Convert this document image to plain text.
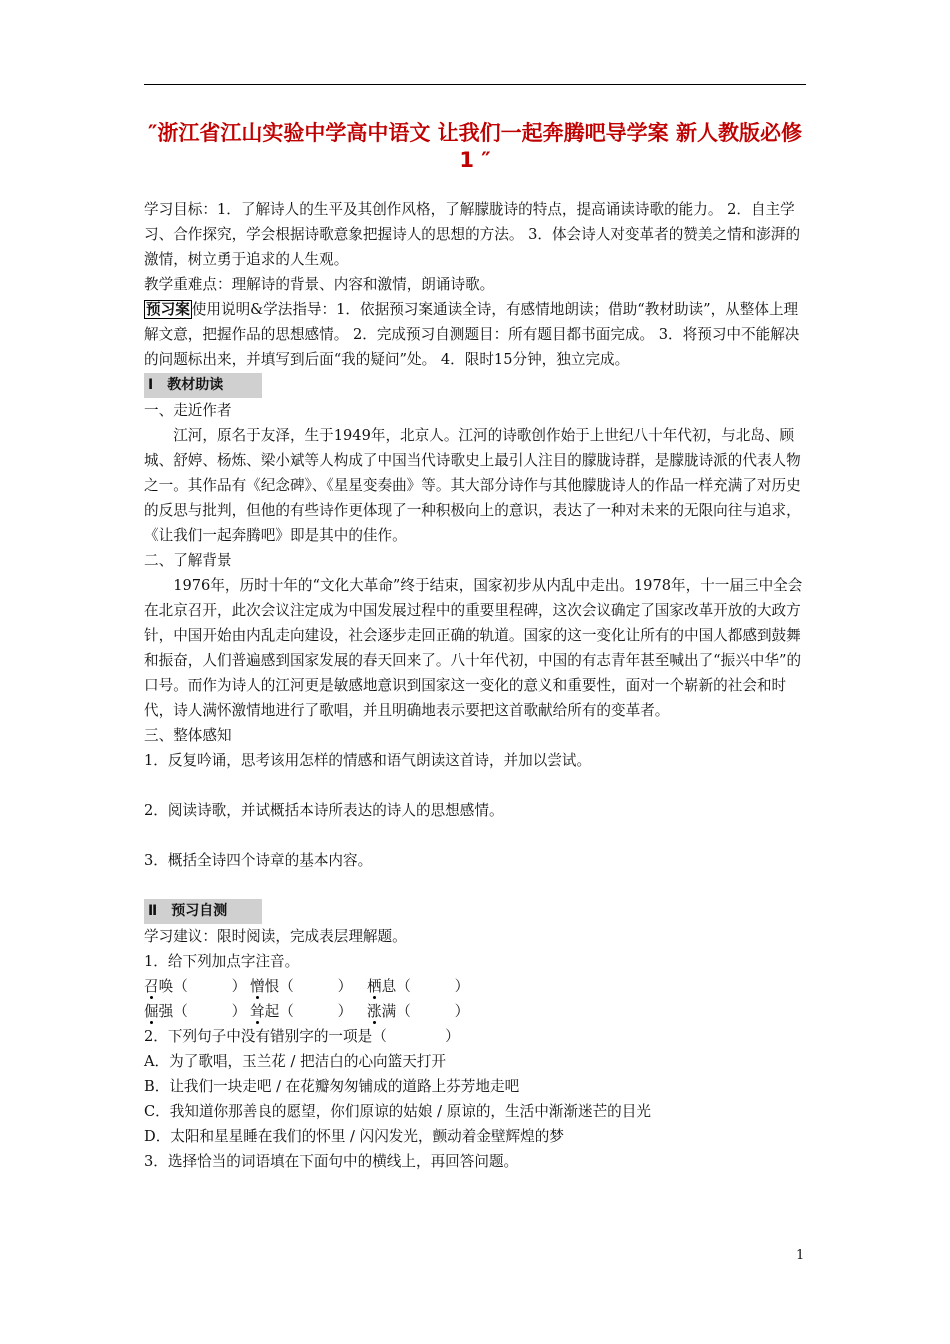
″浙江省江山实验中学高中语文 让我们一起奔腾吧导学案 新人教版必修1 ″

学习目标：1．了解诗人的生平及其创作风格，了解朦胧诗的特点，提高诵读诗歌的能力。 2．自主学习、合作探究，学会根据诗歌意象把握诗人的思想的方法。 3．体会诗人对变革者的赞美之情和澎湃的激情，树立勇于追求的人生观。

教学重难点：理解诗的背景、内容和激情，朗诵诗歌。

预习案 使用说明&学法指导：1．依据预习案通读全诗，有感情地朗读；借助“教材助读”，从整体上理解文意，把握作品的思想感情。 2．完成预习自测题目：所有题目都书面完成。 3．将预习中不能解决的问题标出来，并填写到后面“我的疑问”处。 4．限时15分钟，独立完成。

Ⅰ　教材助读

一、走近作者

江河，原名于友泽，生于1949年，北京人。江河的诗歌创作始于上世纪八十年代初，与北岛、顾城、舒婷、杨炼、梁小斌等人构成了中国当代诗歌史上最引人注目的朦胧诗群，是朦胧诗派的代表人物之一。其作品有《纪念碑》、《星星变奏曲》等。其大部分诗作与其他朦胧诗人的作品一样充满了对历史的反思与批判，但他的有些诗作更体现了一种积极向上的意识，表达了一种对未来的无限向往与追求，《让我们一起奔腾吧》即是其中的佳作。

二、了解背景

1976年，历时十年的“文化大革命”终于结束，国家初步从内乱中走出。1978年，十一届三中全会在北京召开，此次会议注定成为中国发展过程中的重要里程碑，这次会议确定了国家改革开放的大政方针，中国开始由内乱走向建设，社会逐步走回正确的轨道。国家的这一变化让所有的中国人都感到鼓舞和振奋，人们普遍感到国家发展的春天回来了。八十年代初，中国的有志青年甚至喊出了“振兴中华”的口号。而作为诗人的江河更是敏感地意识到国家这一变化的意义和重要性，面对一个崭新的社会和时代，诗人满怀激情地进行了歌唱，并且明确地表示要把这首歌献给所有的变革者。

三、整体感知

1．反复吟诵，思考该用怎样的情感和语气朗读这首诗，并加以尝试。

2．阅读诗歌，并试概括本诗所表达的诗人的思想感情。

3．概括全诗四个诗章的基本内容。

Ⅱ　预习自测

学习建议：限时阅读，完成表层理解题。

1．给下列加点字注音。

召唤（　　　） 憎恨（　　　）	栖息（　　　）
倔强（　　　） 耸起（　　　）	涨满（　　　）

2．下列句子中没有错别字的一项是（　　　　）

A．为了歌唱，玉兰花 / 把洁白的心向篮天打开

B．让我们一块走吧 / 在花瓣匆匆铺成的道路上芬芳地走吧

C．我知道你那善良的愿望，你们原谅的姑娘 / 原谅的，生活中渐渐迷芒的目光

D．太阳和星星睡在我们的怀里 / 闪闪发光，颤动着金壁辉煌的梦

3．选择恰当的词语填在下面句中的横线上，再回答问题。

1
